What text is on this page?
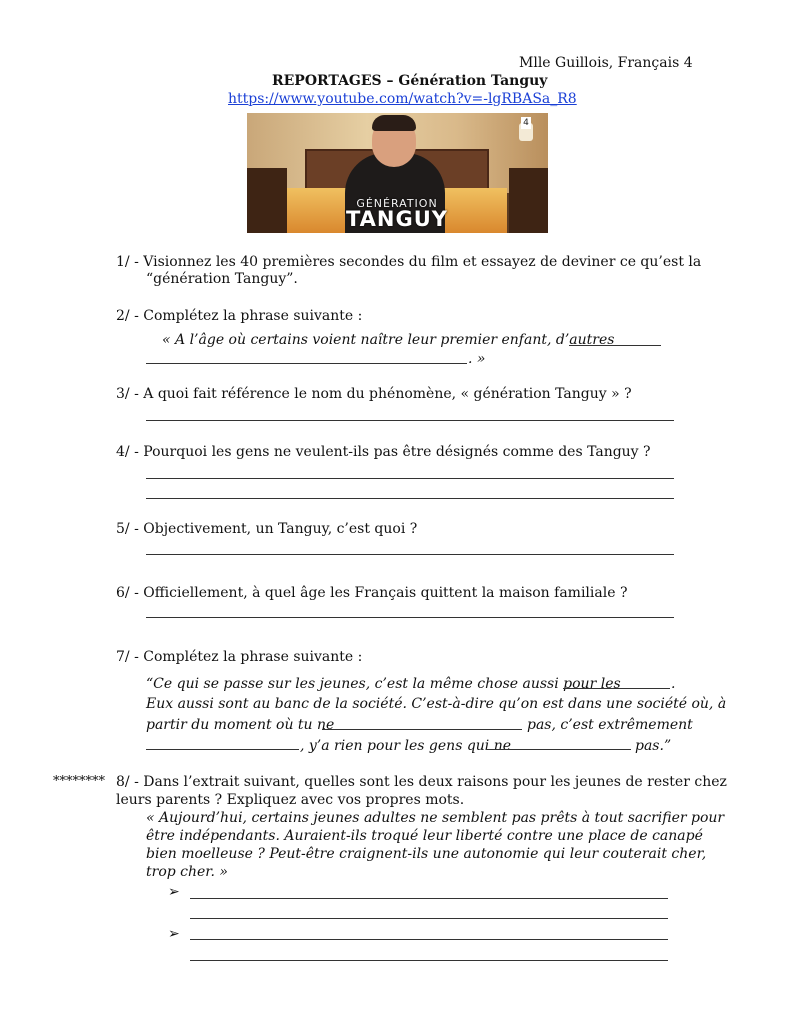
Mlle Guillois, Français 4
REPORTAGES – Génération Tanguy
https://www.youtube.com/watch?v=-lgRBASa_R8
GÉNÉRATION
TANGUY
4
1/ - Visionnez les 40 premières secondes du film et essayez de deviner ce qu’est la
“génération Tanguy”.
2/ - Complétez la phrase suivante :
« A l’âge où certains voient naître leur premier enfant, d’autres
. »
3/ - A quoi fait référence le nom du phénomène, « génération Tanguy » ?
4/ - Pourquoi les gens ne veulent-ils pas être désignés comme des Tanguy ?
5/ - Objectivement, un Tanguy, c’est quoi ?
6/ - Officiellement, à quel âge les Français quittent la maison familiale ?
7/ - Complétez la phrase suivante :
“Ce qui se passe sur les jeunes, c’est la même chose aussi pour les	.
Eux aussi sont au banc de la société. C’est-à-dire qu’on est dans une société où, à
partir du moment où tu ne	pas, c’est extrêmement
, y’a rien pour les gens qui ne	pas.”
******** 8/ - Dans l’extrait suivant, quelles sont les deux raisons pour les jeunes de rester chez
leurs parents ? Expliquez avec vos propres mots.
« Aujourd’hui, certains jeunes adultes ne semblent pas prêts à tout sacrifier pour
être indépendants. Auraient-ils troqué leur liberté contre une place de canapé
bien moelleuse ? Peut-être craignent-ils une autonomie qui leur couterait cher,
trop cher. »
➢
➢
